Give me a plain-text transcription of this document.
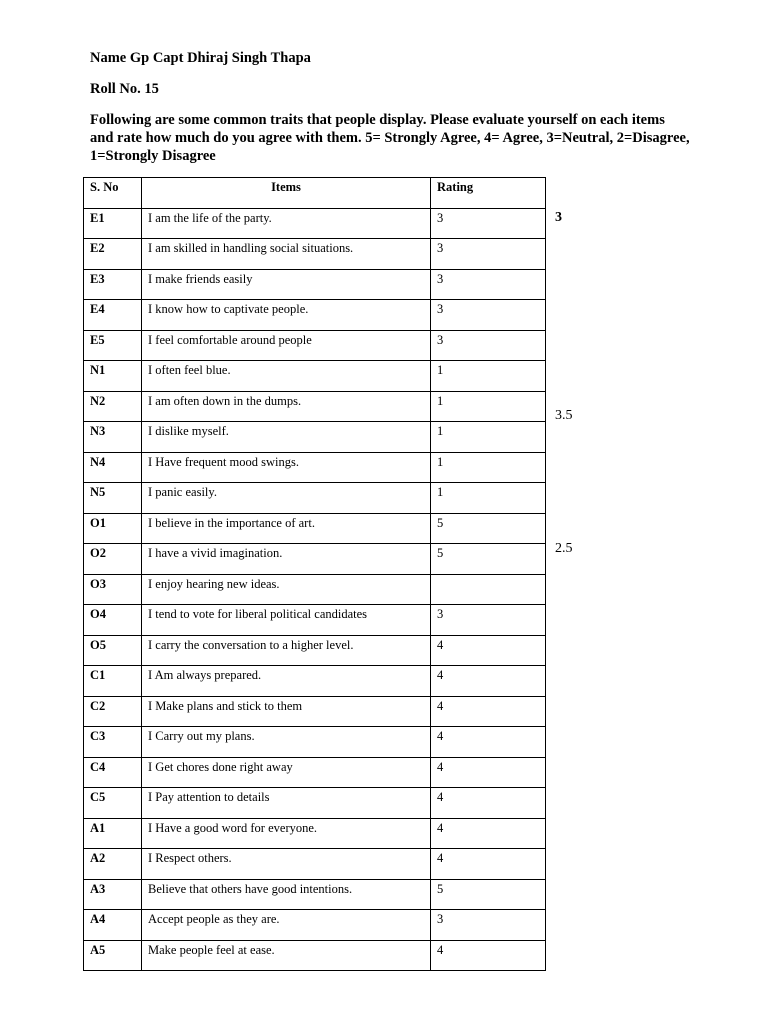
Name Gp Capt Dhiraj Singh Thapa
Roll No. 15
Following are some common traits that people display. Please evaluate yourself on each items and rate how much do you agree with them. 5= Strongly Agree, 4= Agree, 3=Neutral, 2=Disagree, 1=Strongly Disagree
S. No	Items	Rating
E1	I am the life of the party.	3
E2	I am skilled in handling social situations.	3
E3	I make friends easily	3
E4	I know how to captivate people.	3
E5	I feel comfortable around people	3
N1	I often feel blue.	1
N2	I am often down in the dumps.	1
N3	I dislike myself.	1
N4	I Have frequent mood swings.	1
N5	I panic easily.	1
O1	I believe in the importance of art.	5
O2	I have a vivid imagination.	5
O3	I enjoy hearing new ideas.	
O4	I tend to vote for liberal political candidates	3
O5	I carry the conversation to a higher level.	4
C1	I Am always prepared.	4
C2	I Make plans and stick to them	4
C3	I Carry out my plans.	4
C4	I Get chores done right away	4
C5	I Pay attention to details	4
A1	I Have a good word for everyone.	4
A2	I Respect others.	4
A3	Believe that others have good intentions.	5
A4	Accept people as they are.	3
A5	Make people feel at ease.	4
3
3.5
2.5
